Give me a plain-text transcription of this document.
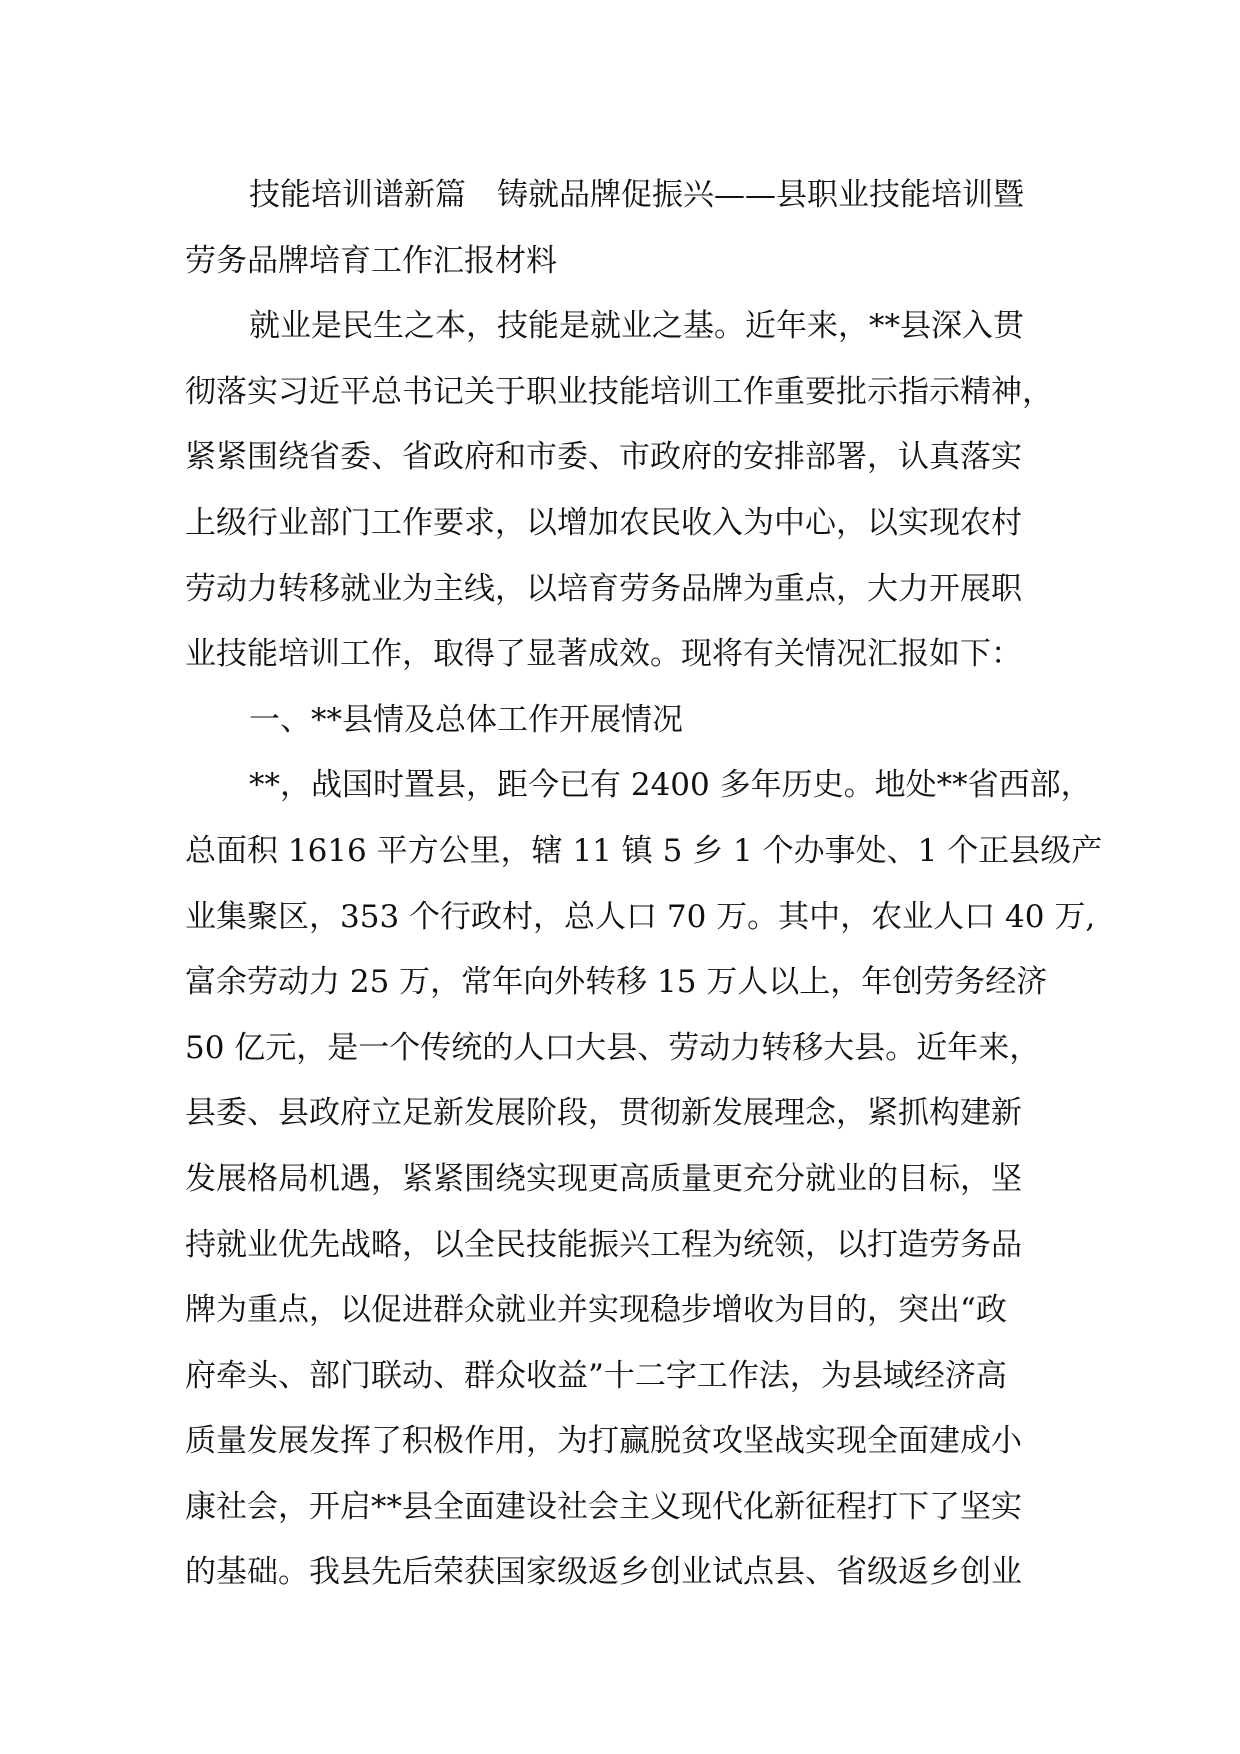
技能培训谱新篇　铸就品牌促振兴——县职业技能培训暨
劳务品牌培育工作汇报材料
就业是民生之本，技能是就业之基。近年来，**县深入贯
彻落实习近平总书记关于职业技能培训工作重要批示指示精神，
紧紧围绕省委、省政府和市委、市政府的安排部署，认真落实
上级行业部门工作要求，以增加农民收入为中心，以实现农村
劳动力转移就业为主线，以培育劳务品牌为重点，大力开展职
业技能培训工作，取得了显著成效。现将有关情况汇报如下：
一、**县情及总体工作开展情况
**，战国时置县，距今已有 2400 多年历史。地处**省西部，
总面积 1616 平方公里，辖 11 镇 5 乡 1 个办事处、1 个正县级产
业集聚区，353 个行政村，总人口 70 万。其中，农业人口 40 万,
富余劳动力 25 万，常年向外转移 15 万人以上，年创劳务经济
50 亿元，是一个传统的人口大县、劳动力转移大县。近年来，
县委、县政府立足新发展阶段，贯彻新发展理念，紧抓构建新
发展格局机遇，紧紧围绕实现更高质量更充分就业的目标，坚
持就业优先战略，以全民技能振兴工程为统领，以打造劳务品
牌为重点，以促进群众就业并实现稳步增收为目的，突出“政
府牵头、部门联动、群众收益”十二字工作法，为县域经济高
质量发展发挥了积极作用，为打赢脱贫攻坚战实现全面建成小
康社会，开启**县全面建设社会主义现代化新征程打下了坚实
的基础。我县先后荣获国家级返乡创业试点县、省级返乡创业
